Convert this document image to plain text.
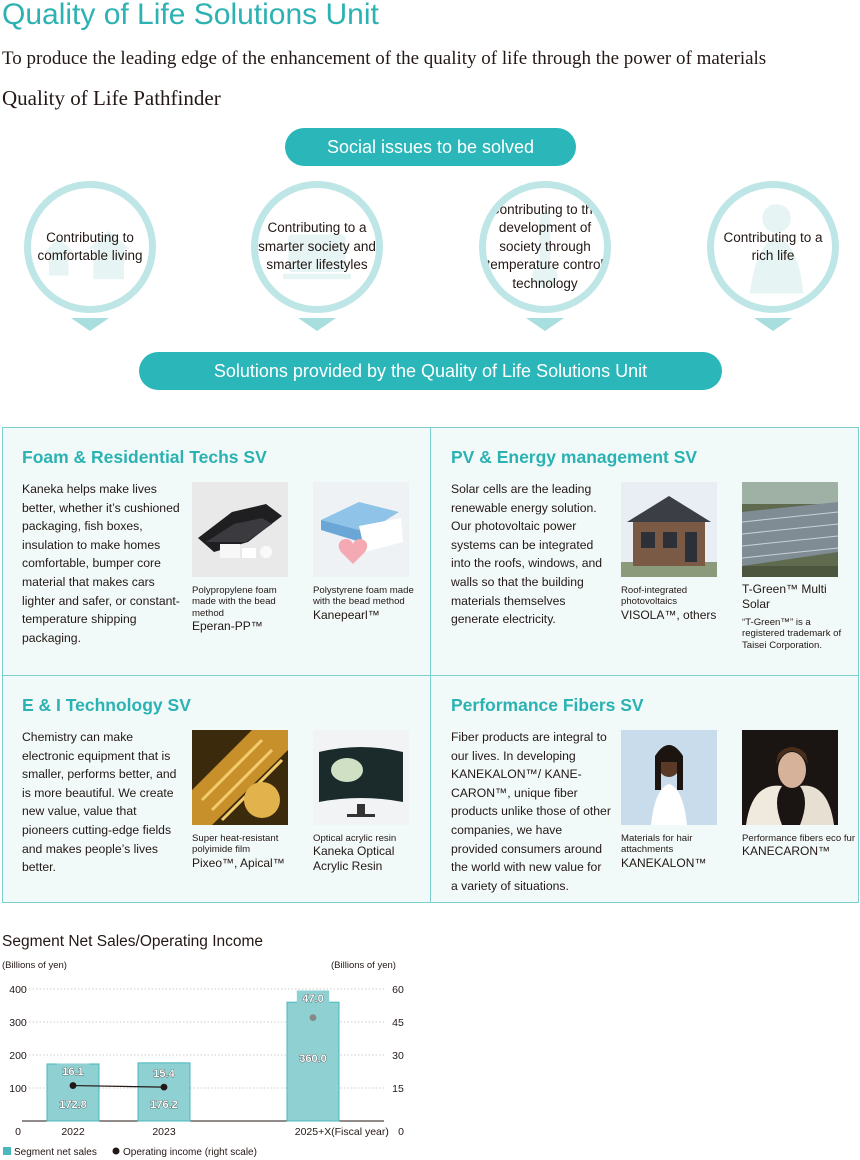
Quality of Life Solutions Unit
To produce the leading edge of the enhancement of the quality of life through the power of materials
Quality of Life Pathfinder
Social issues to be solved
Contributing to comfortable living
Contributing to a smarter society and smarter lifestyles
Contributing to the development of society through temperature control technology
Contributing to a rich life
Solutions provided by the Quality of Life Solutions Unit
Foam & Residential Techs SV
Kaneka helps make lives better, whether it’s cushioned packaging, fish boxes, insulation to make homes comfortable, bumper core material that makes cars lighter and safer, or constant-temperature shipping packaging.
Polypropylene foam made with the bead method
Eperan-PP™
Polystyrene foam made with the bead method
Kanepearl™
PV & Energy management SV
Solar cells are the leading renewable energy solution. Our photovoltaic power systems can be integrated into the roofs, windows, and walls so that the building materials themselves generate electricity.
Roof-integrated photovoltaics
VISOLA™, others
T-Green™ Multi Solar
“T-Green™” is a registered trademark of Taisei Corporation.
E & I Technology SV
Chemistry can make electronic equipment that is smaller, performs better, and is more beautiful. We create new value, value that pioneers cutting-edge fields and makes people’s lives better.
Super heat-resistant polyimide film
Pixeo™, Apical™
Optical acrylic resin
Kaneka Optical Acrylic Resin
Performance Fibers SV
Fiber products are integral to our lives. In developing KANEKALON™/ KANE-CARON™, unique fiber products unlike those of other companies, we have provided consumers around the world with new value for a variety of situations.
Materials for hair attachments
KANEKALON™
Performance fibers eco fur
KANECARON™
Segment Net Sales/Operating Income
(Billions of yen)	(Billions of yen)
0
100
200
300
400
0
15
30
45
60
172.8	176.2
360.0
16.1	15.4
47.0
2022	2023	2025+X (Fiscal year)
Segment net sales	Operating income (right scale)
